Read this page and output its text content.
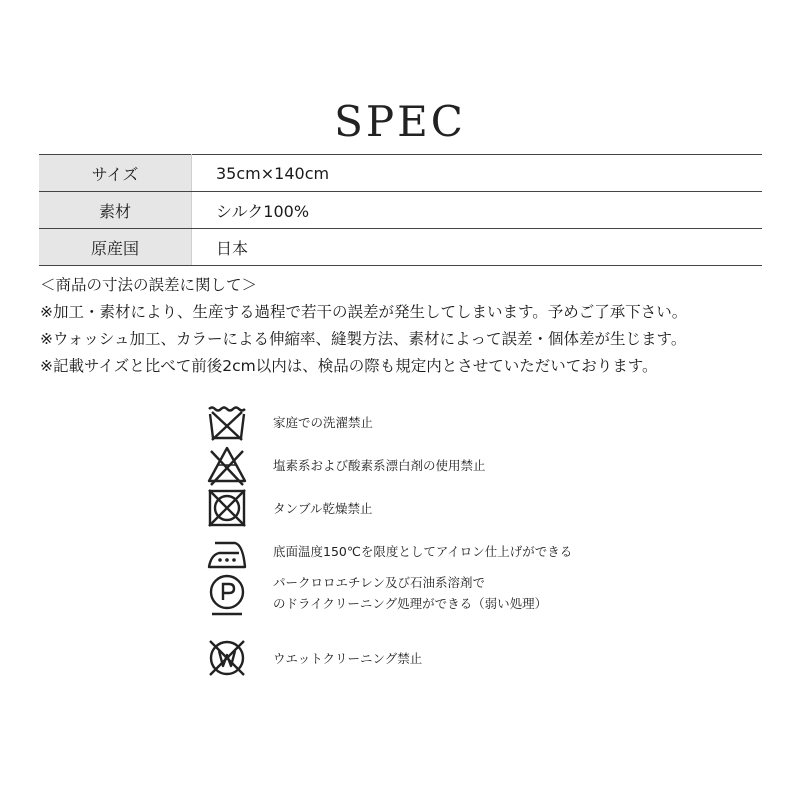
SPEC
サイズ	35cm×140cm
素材	シルク100%
原産国	日本
＜商品の寸法の誤差に関して＞
※加工・素材により、生産する過程で若干の誤差が発生してしまいます。予めご了承下さい。
※ウォッシュ加工、カラーによる伸縮率、縫製方法、素材によって誤差・個体差が生じます。
※記載サイズと比べて前後2cm以内は、検品の際も規定内とさせていただいております。
家庭での洗濯禁止
塩素系および酸素系漂白剤の使用禁止
タンブル乾燥禁止
底面温度150℃を限度としてアイロン仕上げができる
パークロロエチレン及び石油系溶剤で
のドライクリーニング処理ができる（弱い処理）
ウエットクリーニング禁止
